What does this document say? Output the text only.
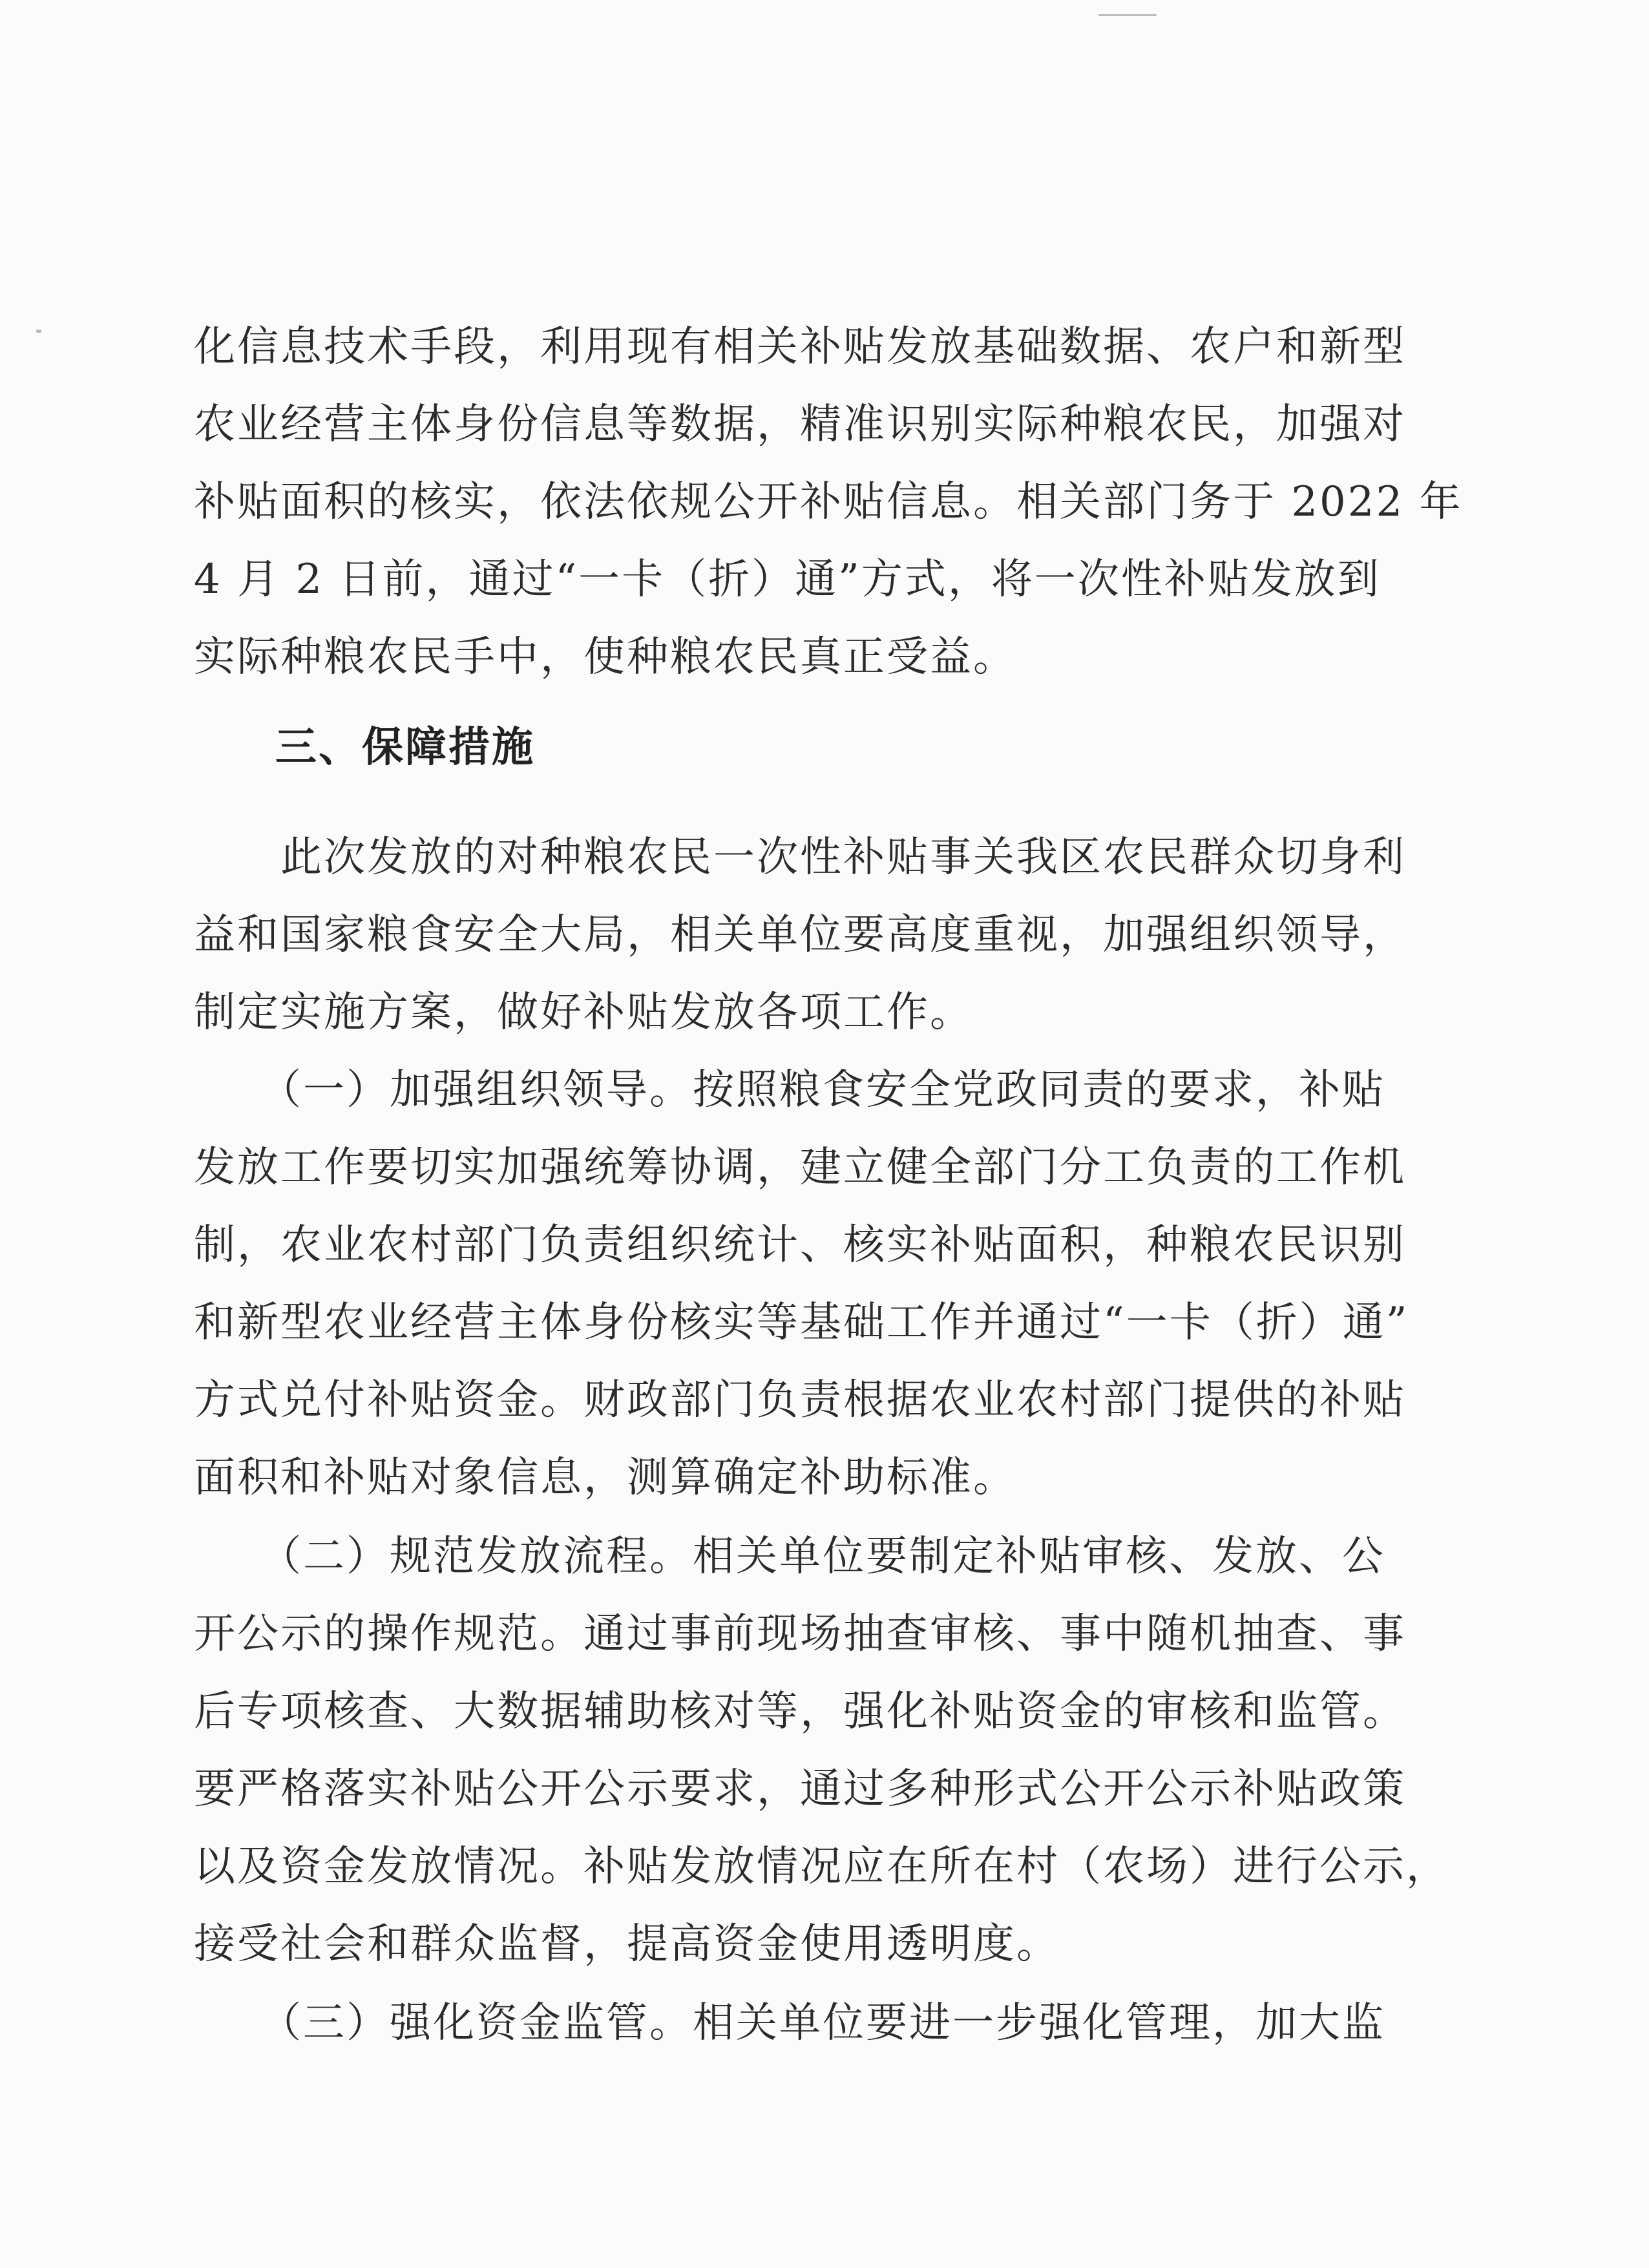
化信息技术手段，利用现有相关补贴发放基础数据、农户和新型
农业经营主体身份信息等数据，精准识别实际种粮农民，加强对
补贴面积的核实，依法依规公开补贴信息。相关部门务于 2022 年
4 月 2 日前，通过“一卡（折）通”方式，将一次性补贴发放到
实际种粮农民手中，使种粮农民真正受益。
三、保障措施
　　此次发放的对种粮农民一次性补贴事关我区农民群众切身利
益和国家粮食安全大局，相关单位要高度重视，加强组织领导，
制定实施方案，做好补贴发放各项工作。
　　（一）加强组织领导。按照粮食安全党政同责的要求，补贴
发放工作要切实加强统筹协调，建立健全部门分工负责的工作机
制，农业农村部门负责组织统计、核实补贴面积，种粮农民识别
和新型农业经营主体身份核实等基础工作并通过“一卡（折）通”
方式兑付补贴资金。财政部门负责根据农业农村部门提供的补贴
面积和补贴对象信息，测算确定补助标准。
　　（二）规范发放流程。相关单位要制定补贴审核、发放、公
开公示的操作规范。通过事前现场抽查审核、事中随机抽查、事
后专项核查、大数据辅助核对等，强化补贴资金的审核和监管。
要严格落实补贴公开公示要求，通过多种形式公开公示补贴政策
以及资金发放情况。补贴发放情况应在所在村（农场）进行公示，
接受社会和群众监督，提高资金使用透明度。
　　（三）强化资金监管。相关单位要进一步强化管理，加大监
